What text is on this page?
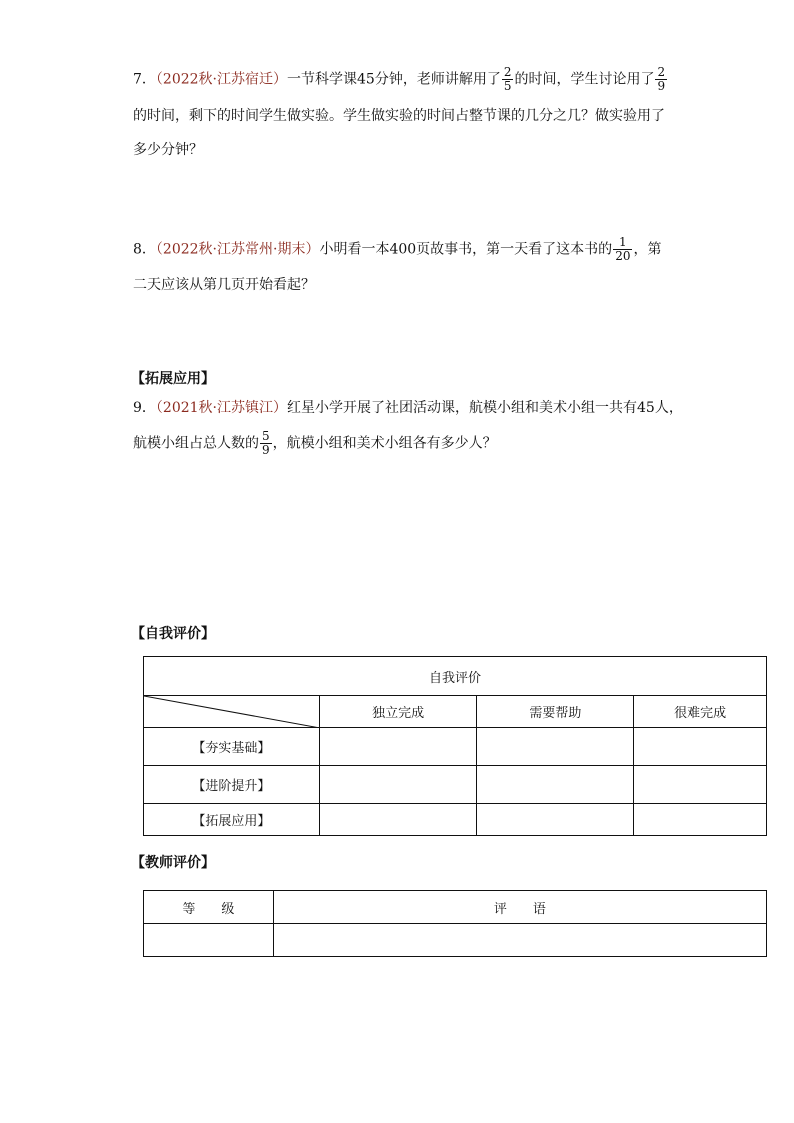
7．（2022秋·江苏宿迁）一节科学课45分钟，老师讲解用了 $\frac{2}{5}$ 的时间，学生讨论用了 $\frac{2}{9}$
的时间，剩下的时间学生做实验。学生做实验的时间占整节课的几分之几？做实验用了
多少分钟？
8．（2022秋·江苏常州·期末）小明看一本400页故事书，第一天看了这本书的 $\frac{1}{20}$ ，第
二天应该从第几页开始看起？
【拓展应用】
9．（2021秋·江苏镇江）红星小学开展了社团活动课，航模小组和美术小组一共有45人，
航模小组占总人数的 $\frac{5}{9}$ ，航模小组和美术小组各有多少人？
【自我评价】
自我评价			

	独立完成	需要帮助	很难完成
【夯实基础】			
【进阶提升】			
【拓展应用】			
【教师评价】
等　　级	评　　语
